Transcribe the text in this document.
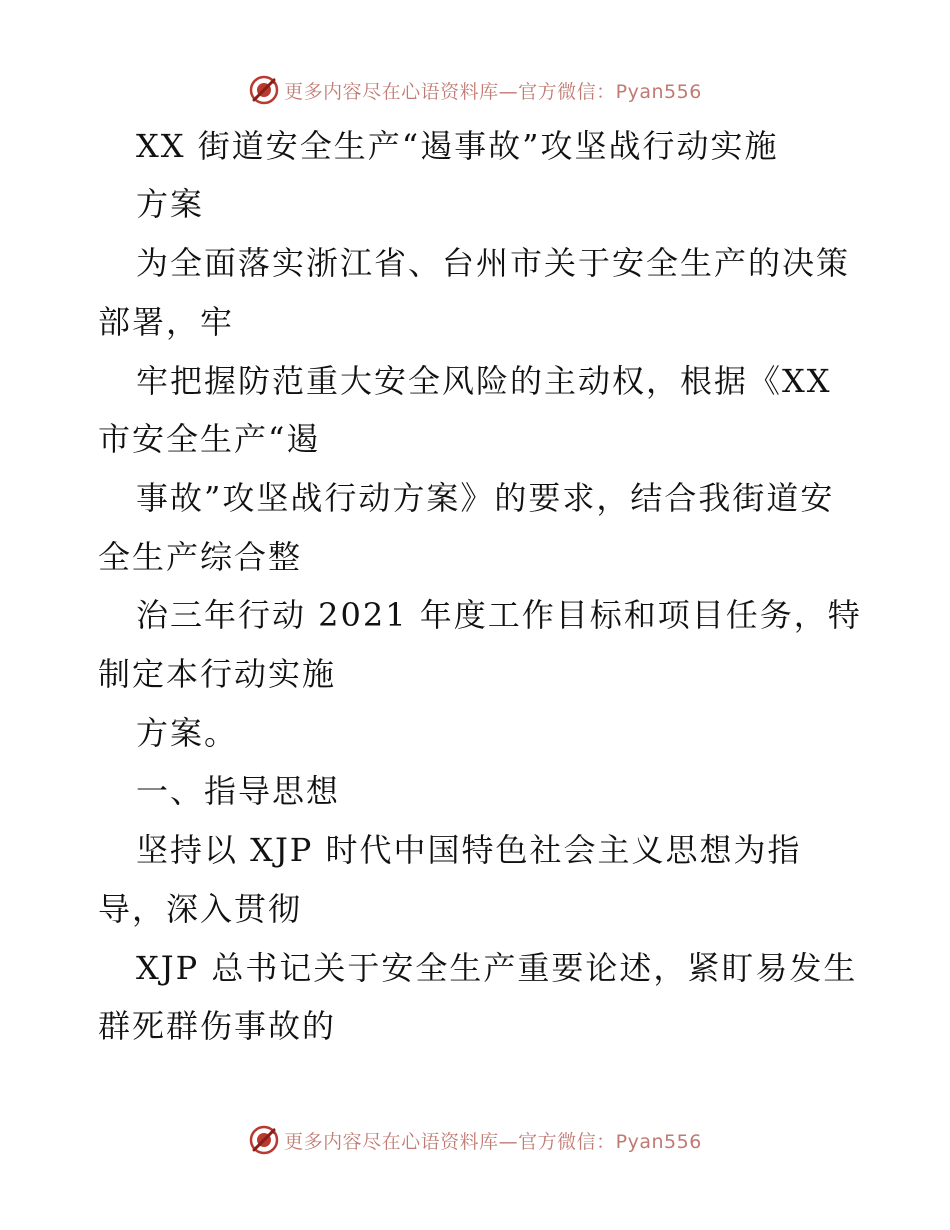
更多内容尽在心语资料库—官方微信：Pyan556
XX 街道安全生产“遏事故”攻坚战行动实施
方案
为全面落实浙江省、台州市关于安全生产的决策
部署，牢
牢把握防范重大安全风险的主动权，根据《XX
市安全生产“遏
事故”攻坚战行动方案》的要求，结合我街道安
全生产综合整
治三年行动 2021 年度工作目标和项目任务，特
制定本行动实施
方案。
一、指导思想
坚持以 XJP 时代中国特色社会主义思想为指
导，深入贯彻
XJP 总书记关于安全生产重要论述，紧盯易发生
群死群伤事故的
更多内容尽在心语资料库—官方微信：Pyan556
